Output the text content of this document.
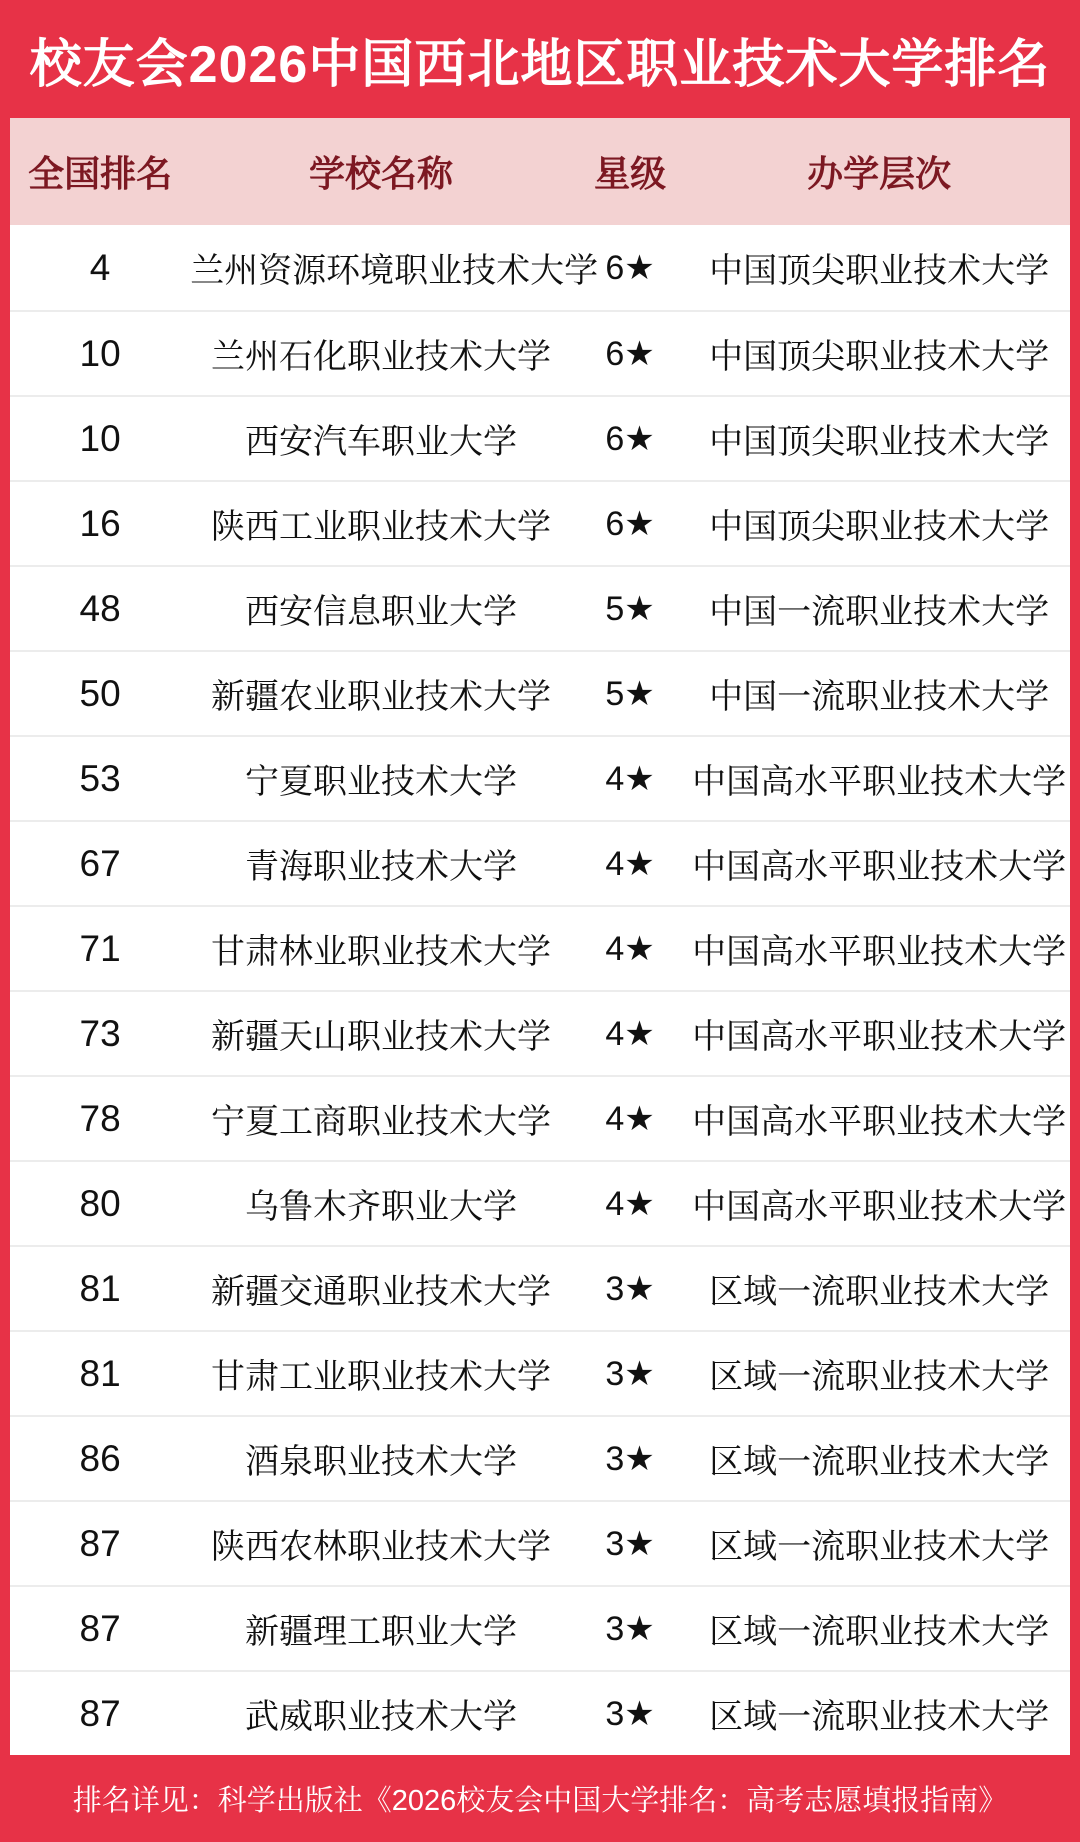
校友会2026中国西北地区职业技术大学排名
全国排名	学校名称	星级	办学层次
4	兰州资源环境职业技术大学 6★	中国顶尖职业技术大学
10	兰州石化职业技术大学	6★	中国顶尖职业技术大学
10	西安汽车职业大学	6★	中国顶尖职业技术大学
16	陕西工业职业技术大学	6★	中国顶尖职业技术大学
48	西安信息职业大学	5★	中国一流职业技术大学
50	新疆农业职业技术大学	5★	中国一流职业技术大学
53	宁夏职业技术大学	4★	中国高水平职业技术大学
67	青海职业技术大学	4★	中国高水平职业技术大学
71	甘肃林业职业技术大学	4★	中国高水平职业技术大学
73	新疆天山职业技术大学	4★	中国高水平职业技术大学
78	宁夏工商职业技术大学	4★	中国高水平职业技术大学
80	乌鲁木齐职业大学	4★	中国高水平职业技术大学
81	新疆交通职业技术大学	3★	区域一流职业技术大学
81	甘肃工业职业技术大学	3★	区域一流职业技术大学
86	酒泉职业技术大学	3★	区域一流职业技术大学
87	陕西农林职业技术大学	3★	区域一流职业技术大学
87	新疆理工职业大学	3★	区域一流职业技术大学
87	武威职业技术大学	3★	区域一流职业技术大学
排名详见：科学出版社《2026校友会中国大学排名：高考志愿填报指南》
